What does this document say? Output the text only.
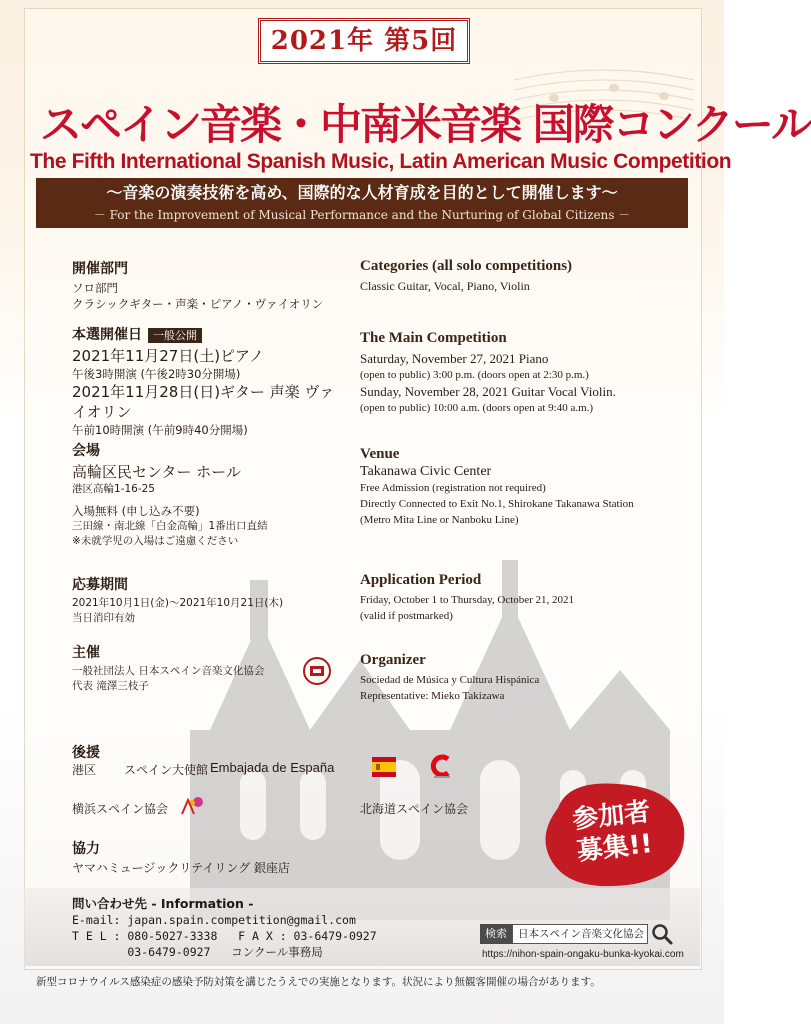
2021年 第5回
スペイン音楽・中南米音楽 国際コンクール
The Fifth International Spanish Music, Latin American Music Competition
～音楽の演奏技術を高め、国際的な人材育成を目的として開催します～
－ For the Improvement of Musical Performance and the Nurturing of Global Citizens －
開催部門
ソロ部門
クラシックギター・声楽・ピアノ・ヴァイオリン
Categories (all solo competitions)
Classic Guitar, Vocal, Piano, Violin
本選開催日 一般公開
2021年11月27日(土)ピアノ
午後3時開演 (午後2時30分開場)
2021年11月28日(日)ギター 声楽 ヴァイオリン
午前10時開演 (午前9時40分開場)
The Main Competition
Saturday, November 27, 2021 Piano
(open to public) 3:00 p.m. (doors open at 2:30 p.m.)
Sunday, November 28, 2021 Guitar Vocal Violin.
(open to public) 10:00 a.m. (doors open at 9:40 a.m.)
会場
高輪区民センター ホール
港区高輪1-16-25
入場無料 (申し込み不要)
三田線・南北線「白金高輪」1番出口直結
※未就学児の入場はご遠慮ください
Venue
Takanawa Civic Center
Free Admission (registration not required)
Directly Connected to Exit No.1, Shirokane Takanawa Station
(Metro Mita Line or Nanboku Line)
応募期間
2021年10月1日(金)～2021年10月21日(木)
当日消印有効
Application Period
Friday, October 1 to Thursday, October 21, 2021
(valid if postmarked)
主催
一般社団法人 日本スペイン音楽文化協会
代表 滝澤三枝子
Organizer
Sociedad de Música y Cultura Hispánica
Representative: Mieko Takizawa
後援
港区 スペイン大使館 Embajada de España
横浜スペイン協会	北海道スペイン協会
協力
ヤマハミュージックリテイリング 銀座店
参加者
募集!!
問い合わせ先 - Information -
E-mail: japan.spain.competition@gmail.com
T E L : 080-5027-3338   F A X : 03-6479-0927
03-6479-0927   コンクール事務局
検索	日本スペイン音楽文化協会
https://nihon-spain-ongaku-bunka-kyokai.com
新型コロナウイルス感染症の感染予防対策を講じたうえでの実施となります。状況により無観客開催の場合があります。
